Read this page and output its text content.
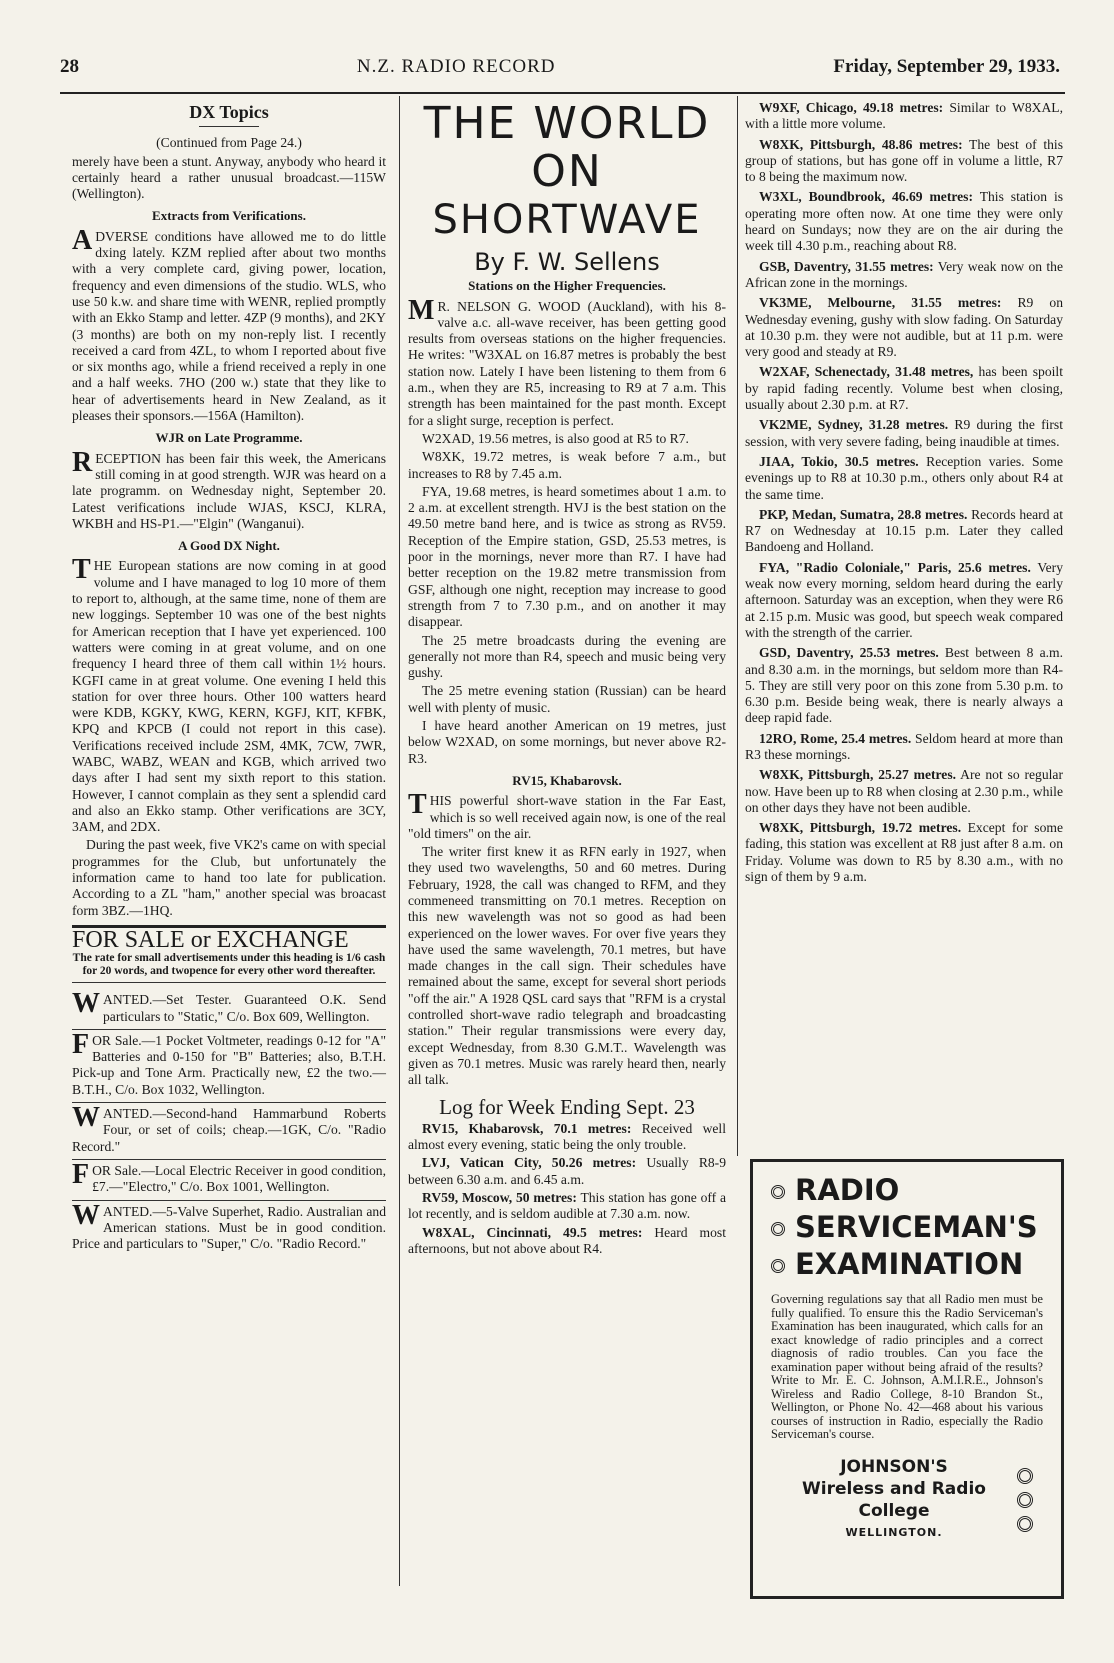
28	N.Z. RADIO RECORD	Friday, September 29, 1933.
DX Topics

(Continued from Page 24.)

merely have been a stunt. Anyway, anybody who heard it certainly heard a rather unusual broadcast.—115W (Wellington).

Extracts from Verifications.

ADVERSE conditions have allowed me to do little dxing lately. KZM replied after about two months with a very complete card, giving power, location, frequency and even dimensions of the studio. WLS, who use 50 k.w. and share time with WENR, replied promptly with an Ekko Stamp and letter. 4ZP (9 months), and 2KY (3 months) are both on my non-reply list. I recently received a card from 4ZL, to whom I reported about five or six months ago, while a friend received a reply in one and a half weeks. 7HO (200 w.) state that they like to hear of advertisements heard in New Zealand, as it pleases their sponsors.—156A (Hamilton).

WJR on Late Programme.

RECEPTION has been fair this week, the Americans still coming in at good strength. WJR was heard on a late programm. on Wednesday night, September 20. Latest verifications include WJAS, KSCJ, KLRA, WKBH and HS-P1.—"Elgin" (Wanganui).

A Good DX Night.

THE European stations are now coming in at good volume and I have managed to log 10 more of them to report to, although, at the same time, none of them are new loggings. September 10 was one of the best nights for American reception that I have yet experienced. 100 watters were coming in at great volume, and on one frequency I heard three of them call within 1½ hours. KGFI came in at great volume. One evening I held this station for over three hours. Other 100 watters heard were KDB, KGKY, KWG, KERN, KGFJ, KIT, KFBK, KPQ and KPCB (I could not report in this case). Verifications received include 2SM, 4MK, 7CW, 7WR, WABC, WABZ, WEAN and KGB, which arrived two days after I had sent my sixth report to this station. However, I cannot complain as they sent a splendid card and also an Ekko stamp. Other verifications are 3CY, 3AM, and 2DX.

During the past week, five VK2's came on with special programmes for the Club, but unfortunately the information came to hand too late for publication. According to a ZL "ham," another special was broacast form 3BZ.—1HQ.

FOR SALE or EXCHANGE
The rate for small advertisements under this heading is 1/6 cash for 20 words, and twopence for every other word thereafter.
WANTED.—Set Tester. Guaranteed O.K. Send particulars to "Static," C/o. Box 609, Wellington.
FOR Sale.—1 Pocket Voltmeter, readings 0-12 for "A" Batteries and 0-150 for "B" Batteries; also, B.T.H. Pick-up and Tone Arm. Practically new, £2 the two.—B.T.H., C/o. Box 1032, Wellington.
WANTED.—Second-hand Hammarbund Roberts Four, or set of coils; cheap.—1GK, C/o. "Radio Record."
FOR Sale.—Local Electric Receiver in good condition, £7.—"Electro," C/o. Box 1001, Wellington.
WANTED.—5-Valve Superhet, Radio. Australian and American stations. Must be in good condition. Price and particulars to "Super," C/o. "Radio Record."
THE WORLD
ON
SHORTWAVE
By F. W. Sellens
Stations on the Higher Frequencies.

M R. NELSON G. WOOD (Auckland), with his 8-valve a.c. all-wave receiver, has been getting good results from overseas stations on the higher frequencies. He writes: "W3XAL on 16.87 metres is probably the best station now. Lately I have been listening to them from 6 a.m., when they are R5, increasing to R9 at 7 a.m. This strength has been maintained for the past month. Except for a slight surge, reception is perfect.

W2XAD, 19.56 metres, is also good at R5 to R7.

W8XK, 19.72 metres, is weak before 7 a.m., but increases to R8 by 7.45 a.m.

FYA, 19.68 metres, is heard sometimes about 1 a.m. to 2 a.m. at excellent strength. HVJ is the best station on the 49.50 metre band here, and is twice as strong as RV59. Reception of the Empire station, GSD, 25.53 metres, is poor in the mornings, never more than R7. I have had better reception on the 19.82 metre transmission from GSF, although one night, reception may increase to good strength from 7 to 7.30 p.m., and on another it may disappear.

The 25 metre broadcasts during the evening are generally not more than R4, speech and music being very gushy.

The 25 metre evening station (Russian) can be heard well with plenty of music.

I have heard another American on 19 metres, just below W2XAD, on some mornings, but never above R2-R3.

RV15, Khabarovsk.

THIS powerful short-wave station in the Far East, which is so well received again now, is one of the real "old timers" on the air.

The writer first knew it as RFN early in 1927, when they used two wavelengths, 50 and 60 metres. During February, 1928, the call was changed to RFM, and they commeneed transmitting on 70.1 metres. Reception on this new wavelength was not so good as had been experienced on the lower waves. For over five years they have used the same wavelength, 70.1 metres, but have made changes in the call sign. Their schedules have remained about the same, except for several short periods "off the air." A 1928 QSL card says that "RFM is a crystal controlled short-wave radio telegraph and broadcasting station." Their regular transmissions were every day, except Wednesday, from 8.30 G.M.T.. Wavelength was given as 70.1 metres. Music was rarely heard then, nearly all talk.

Log for Week Ending Sept. 23

RV15, Khabarovsk, 70.1 metres: Received well almost every evening, static being the only trouble.

LVJ, Vatican City, 50.26 metres: Usually R8-9 between 6.30 a.m. and 6.45 a.m.

RV59, Moscow, 50 metres: This station has gone off a lot recently, and is seldom audible at 7.30 a.m. now.

W8XAL, Cincinnati, 49.5 metres: Heard most afternoons, but not above about R4.

W9XF, Chicago, 49.18 metres: Similar to W8XAL, with a little more volume.

W8XK, Pittsburgh, 48.86 metres: The best of this group of stations, but has gone off in volume a little, R7 to 8 being the maximum now.

W3XL, Boundbrook, 46.69 metres: This station is operating more often now. At one time they were only heard on Sundays; now they are on the air during the week till 4.30 p.m., reaching about R8.

GSB, Daventry, 31.55 metres: Very weak now on the African zone in the mornings.

VK3ME, Melbourne, 31.55 metres: R9 on Wednesday evening, gushy with slow fading. On Saturday at 10.30 p.m. they were not audible, but at 11 p.m. were very good and steady at R9.

W2XAF, Schenectady, 31.48 metres, has been spoilt by rapid fading recently. Volume best when closing, usually about 2.30 p.m. at R7.

VK2ME, Sydney, 31.28 metres. R9 during the first session, with very severe fading, being inaudible at times.

JIAA, Tokio, 30.5 metres. Reception varies. Some evenings up to R8 at 10.30 p.m., others only about R4 at the same time.

PKP, Medan, Sumatra, 28.8 metres. Records heard at R7 on Wednesday at 10.15 p.m. Later they called Bandoeng and Holland.

FYA, "Radio Coloniale," Paris, 25.6 metres. Very weak now every morning, seldom heard during the early afternoon. Saturday was an exception, when they were R6 at 2.15 p.m. Music was good, but speech weak compared with the strength of the carrier.

GSD, Daventry, 25.53 metres. Best between 8 a.m. and 8.30 a.m. in the mornings, but seldom more than R4-5. They are still very poor on this zone from 5.30 p.m. to 6.30 p.m. Beside being weak, there is nearly always a deep rapid fade.

12RO, Rome, 25.4 metres. Seldom heard at more than R3 these mornings.

W8XK, Pittsburgh, 25.27 metres. Are not so regular now. Have been up to R8 when closing at 2.30 p.m., while on other days they have not been audible.

W8XK, Pittsburgh, 19.72 metres. Except for some fading, this station was excellent at R8 just after 8 a.m. on Friday. Volume was down to R5 by 8.30 a.m., with no sign of them by 9 a.m.

RADIO
SERVICEMAN'S
EXAMINATION
Governing regulations say that all Radio men must be fully qualified. To ensure this the Radio Serviceman's Examination has been inaugurated, which calls for an exact knowledge of radio principles and a correct diagnosis of radio troubles. Can you face the examination paper without being afraid of the results? Write to Mr. E. C. Johnson, A.M.I.R.E., Johnson's Wireless and Radio College, 8-10 Brandon St., Wellington, or Phone No. 42—468 about his various courses of instruction in Radio, especially the Radio Serviceman's course.
JOHNSON'S
Wireless and Radio
College
WELLINGTON.
